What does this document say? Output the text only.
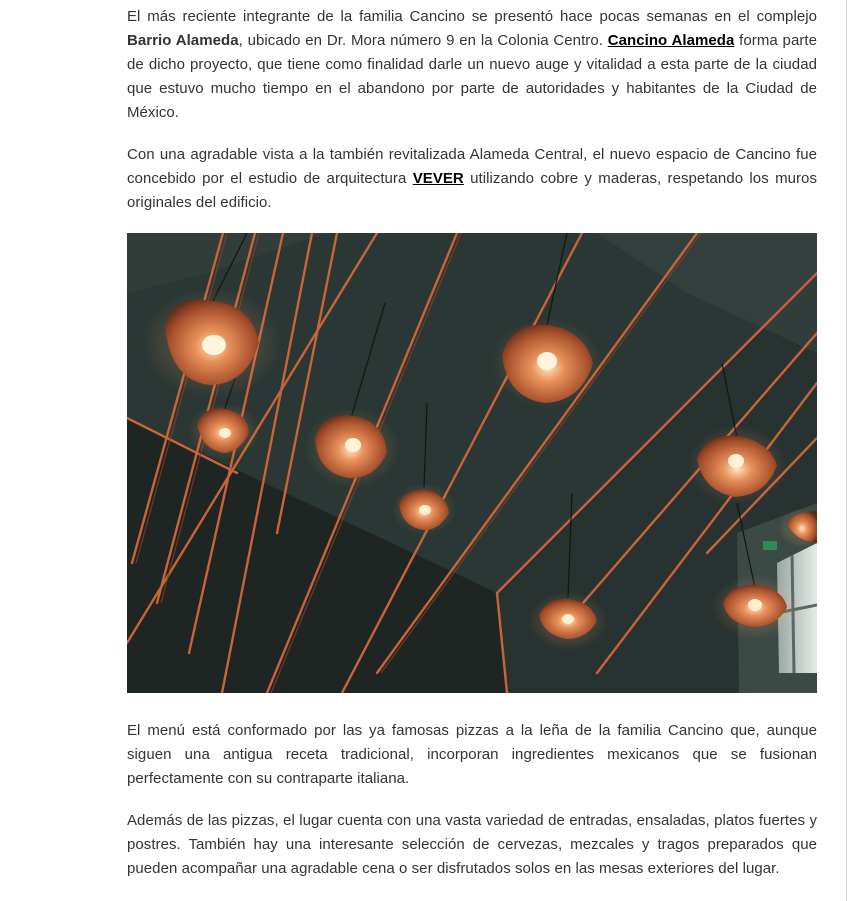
El más reciente integrante de la familia Cancino se presentó hace pocas semanas en el complejo Barrio Alameda, ubicado en Dr. Mora número 9 en la Colonia Centro. Cancino Alameda forma parte de dicho proyecto, que tiene como finalidad darle un nuevo auge y vitalidad a esta parte de la ciudad que estuvo mucho tiempo en el abandono por parte de autoridades y habitantes de la Ciudad de México.

Con una agradable vista a la también revitalizada Alameda Central, el nuevo espacio de Cancino fue concebido por el estudio de arquitectura VEVER utilizando cobre y maderas, respetando los muros originales del edificio.

El menú está conformado por las ya famosas pizzas a la leña de la familia Cancino que, aunque siguen una antigua receta tradicional, incorporan ingredientes mexicanos que se fusionan perfectamente con su contraparte italiana.

Además de las pizzas, el lugar cuenta con una vasta variedad de entradas, ensaladas, platos fuertes y postres. También hay una interesante selección de cervezas, mezcales y tragos preparados que pueden acompañar una agradable cena o ser disfrutados solos en las mesas exteriores del lugar.
